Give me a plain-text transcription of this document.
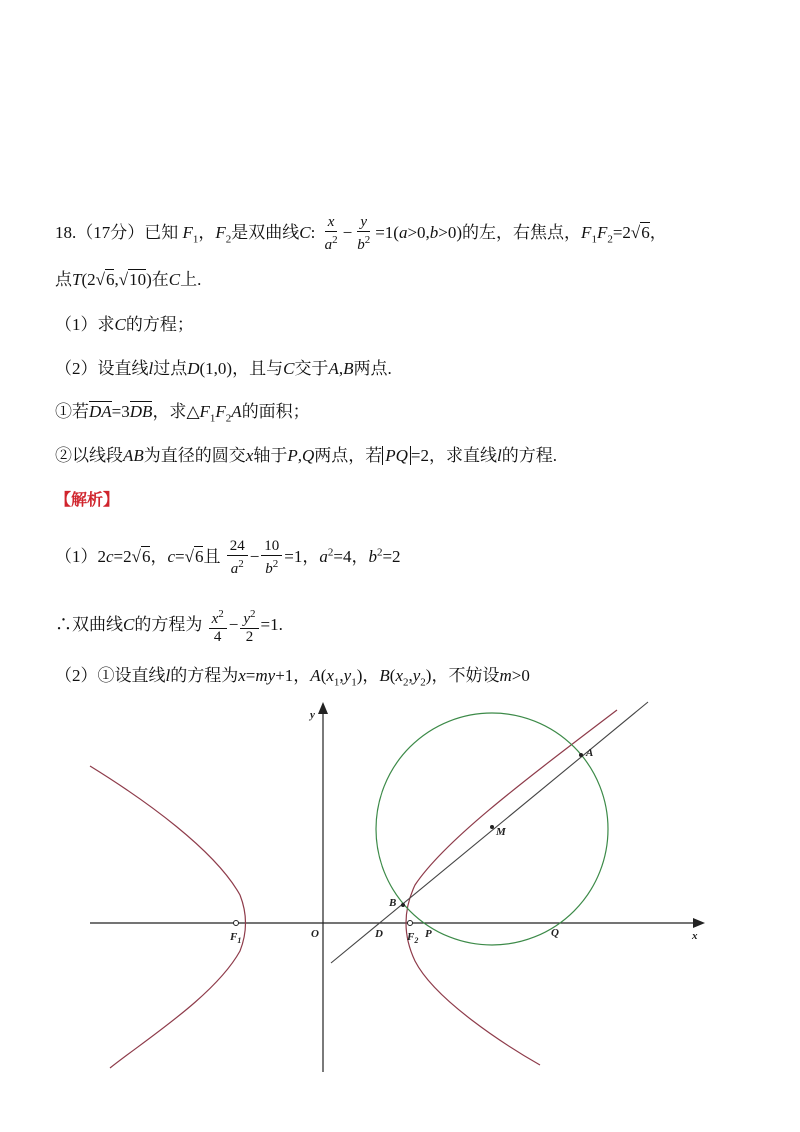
18.（17分）已知 $F_1$，$F_2$是双曲线C: $\frac{x}{a^2} - \frac{y}{b^2} =1(a>0,b>0)$的左，右焦点，$F_1F_2=2√6$，
点T(2√6,√10)在C上.
（1）求C的方程；
（2）设直线l过点D(1,0)，且与C交于A,B两点.
①若DA=3DB，求$\triangle F_1F_2A$的面积；
②以线段AB为直径的圆交x轴于P,Q两点，若 PQ =2，求直线l的方程.
【解析】
（1）2c=2√6，c=√6且 $\frac{24}{a^2} - \frac{10}{b^2} =1$，$a^2=4$，$b^2=2$
∴双曲线C的方程为 $\frac{x^2}{4} - \frac{y^2}{2} =1$.
（2）①设直线l的方程为x=my+1，$A(x_1,y_1)$，$B(x_2,y_2)$，不妨设m>0
y
x
O
$F_1$
D $F_2$
P	Q
A
B
M
